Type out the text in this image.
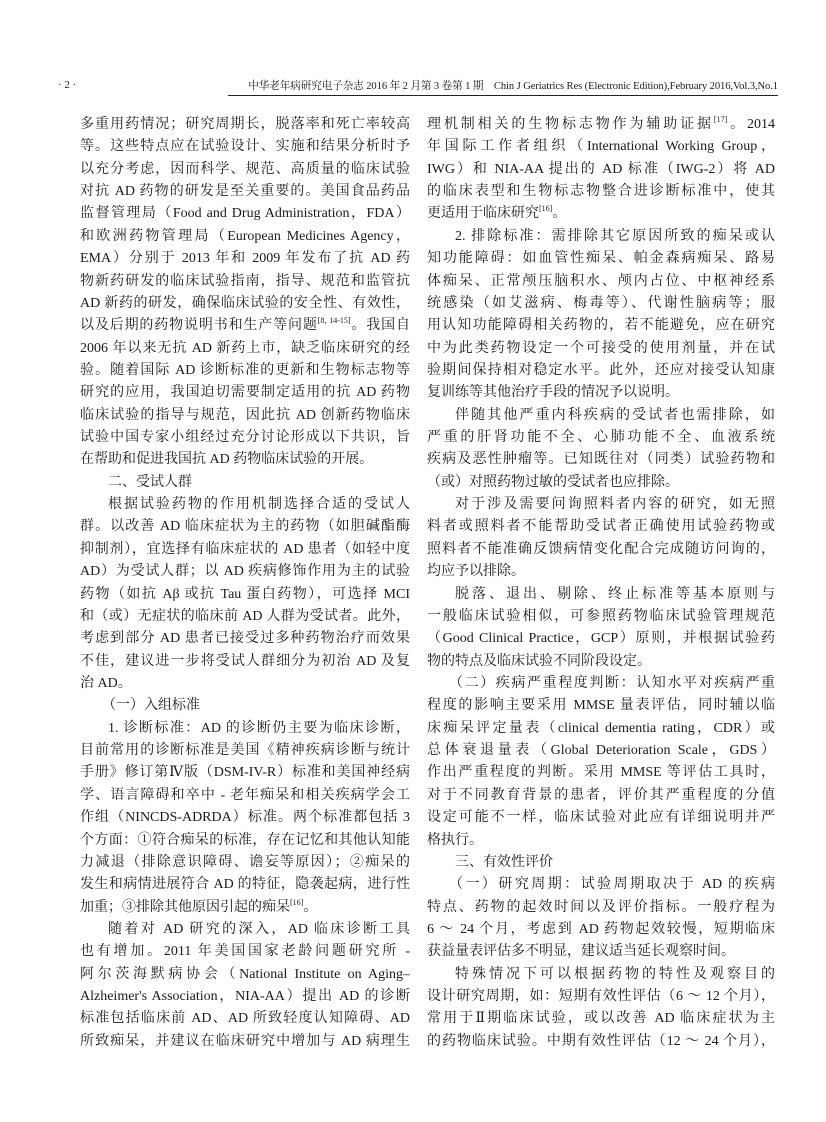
· 2 ·	中华老年病研究电子杂志 2016 年 2 月第 3 卷第 1 期　Chin J Geriatrics Res (Electronic Edition),February 2016,Vol.3,No.1
多重用药情况；研究周期长，脱落率和死亡率较高
等。这些特点应在试验设计、实施和结果分析时予
以充分考虑，因而科学、规范、高质量的临床试验
对抗 AD 药物的研发是至关重要的。美国食品药品
监督管理局（Food and Drug Administration，FDA）
和欧洲药物管理局（European Medicines Agency，
EMA）分别于 2013 年和 2009 年发布了抗 AD 药
物新药研发的临床试验指南，指导、规范和监管抗
AD 新药的研发，确保临床试验的安全性、有效性，
以及后期的药物说明书和生产等问题[8, 14-15]。我国自
2006 年以来无抗 AD 新药上市，缺乏临床研究的经
验。随着国际 AD 诊断标准的更新和生物标志物等
研究的应用，我国迫切需要制定适用的抗 AD 药物
临床试验的指导与规范，因此抗 AD 创新药物临床
试验中国专家小组经过充分讨论形成以下共识，旨
在帮助和促进我国抗 AD 药物临床试验的开展。
二、受试人群
根据试验药物的作用机制选择合适的受试人
群。以改善 AD 临床症状为主的药物（如胆碱酯酶
抑制剂），宜选择有临床症状的 AD 患者（如轻中度
AD）为受试人群；以 AD 疾病修饰作用为主的试验
药物（如抗 Aβ 或抗 Tau 蛋白药物），可选择 MCI
和（或）无症状的临床前 AD 人群为受试者。此外，
考虑到部分 AD 患者已接受过多种药物治疗而效果
不佳，建议进一步将受试人群细分为初治 AD 及复
治 AD。
（一）入组标准
1. 诊断标准：AD 的诊断仍主要为临床诊断，
目前常用的诊断标准是美国《精神疾病诊断与统计
手册》修订第Ⅳ版（DSM-IV-R）标准和美国神经病
学、语言障碍和卒中 - 老年痴呆和相关疾病学会工
作组（NINCDS-ADRDA）标准。两个标准都包括 3
个方面：①符合痴呆的标准，存在记忆和其他认知能
力减退（排除意识障碍、谵妄等原因）；②痴呆的
发生和病情进展符合 AD 的特征，隐袭起病，进行性
加重；③排除其他原因引起的痴呆[16]。
随着对 AD 研究的深入，AD 临床诊断工具
也有增加。2011 年美国国家老龄问题研究所 -
阿尔茨海默病协会（National Institute on Aging–
Alzheimer's Association，NIA-AA）提出 AD 的诊断
标准包括临床前 AD、AD 所致轻度认知障碍、AD
所致痴呆，并建议在临床研究中增加与 AD 病理生
理机制相关的生物标志物作为辅助证据[17]。2014
年国际工作者组织（International Working Group，
IWG）和 NIA-AA 提出的 AD 标准（IWG-2）将 AD
的临床表型和生物标志物整合进诊断标准中，使其
更适用于临床研究[16]。
2. 排除标准：需排除其它原因所致的痴呆或认
知功能障碍：如血管性痴呆、帕金森病痴呆、路易
体痴呆、正常颅压脑积水、颅内占位、中枢神经系
统感染（如艾滋病、梅毒等）、代谢性脑病等；服
用认知功能障碍相关药物的，若不能避免，应在研究
中为此类药物设定一个可接受的使用剂量，并在试
验期间保持相对稳定水平。此外，还应对接受认知康
复训练等其他治疗手段的情况予以说明。
伴随其他严重内科疾病的受试者也需排除，如
严重的肝肾功能不全、心肺功能不全、血液系统
疾病及恶性肿瘤等。已知既往对（同类）试验药物和
（或）对照药物过敏的受试者也应排除。
对于涉及需要问询照料者内容的研究，如无照
料者或照料者不能帮助受试者正确使用试验药物或
照料者不能准确反馈病情变化配合完成随访问询的，
均应予以排除。
脱落、退出、剔除、终止标准等基本原则与
一般临床试验相似，可参照药物临床试验管理规范
（Good Clinical Practice，GCP）原则，并根据试验药
物的特点及临床试验不同阶段设定。
（二）疾病严重程度判断：认知水平对疾病严重
程度的影响主要采用 MMSE 量表评估，同时辅以临
床痴呆评定量表（clinical dementia rating，CDR）或
总体衰退量表（Global Deterioration Scale，GDS）
作出严重程度的判断。采用 MMSE 等评估工具时，
对于不同教育背景的患者，评价其严重程度的分值
设定可能不一样，临床试验对此应有详细说明并严
格执行。
三、有效性评价
（一）研究周期：试验周期取决于 AD 的疾病
特点、药物的起效时间以及评价指标。一般疗程为
6 ～ 24 个月，考虑到 AD 药物起效较慢，短期临床
获益量表评估多不明显，建议适当延长观察时间。
特殊情况下可以根据药物的特性及观察目的
设计研究周期，如：短期有效性评估（6 ～ 12 个月），
常用于Ⅱ期临床试验，或以改善 AD 临床症状为主
的药物临床试验。中期有效性评估（12 ～ 24 个月），
